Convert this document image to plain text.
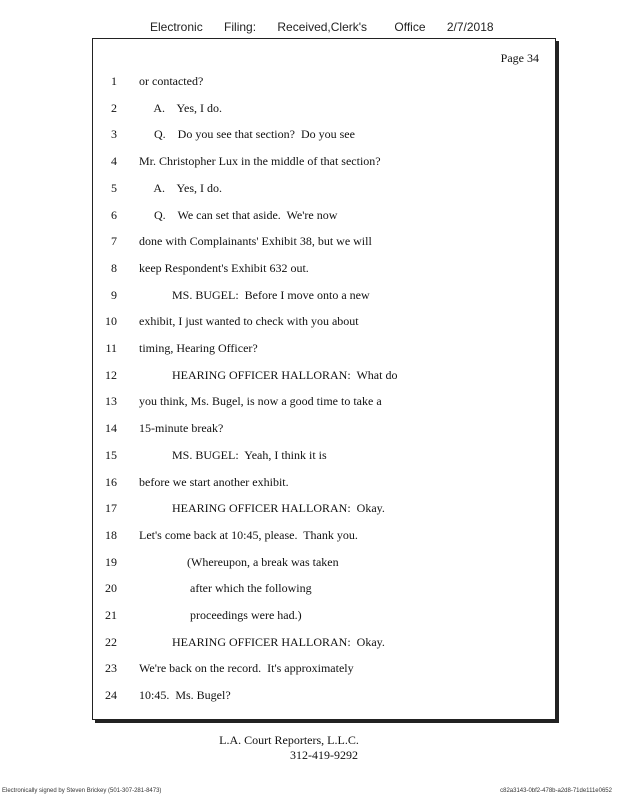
Electronic Filing: Received,Clerk's Office 2/7/2018
Page 34
1 or contacted?
2 A.    Yes, I do.
3 Q.    Do you see that section?  Do you see
4 Mr. Christopher Lux in the middle of that section?
5 A.    Yes, I do.
6 Q.    We can set that aside.  We're now
7 done with Complainants' Exhibit 38, but we will
8 keep Respondent's Exhibit 632 out.
9 MS. BUGEL:  Before I move onto a new
10 exhibit, I just wanted to check with you about
11 timing, Hearing Officer?
12 HEARING OFFICER HALLORAN:  What do
13 you think, Ms. Bugel, is now a good time to take a
14 15-minute break?
15 MS. BUGEL:  Yeah, I think it is
16 before we start another exhibit.
17 HEARING OFFICER HALLORAN:  Okay.
18 Let's come back at 10:45, please.  Thank you.
19 (Whereupon, a break was taken
20 after which the following
21 proceedings were had.)
22 HEARING OFFICER HALLORAN:  Okay.
23 We're back on the record.  It's approximately
24 10:45.  Ms. Bugel?
L.A. Court Reporters, L.L.C.
312-419-9292
Electronically signed by Steven Brickey (501-307-281-8473)	c82a3143-0bf2-478b-a2d8-71de111e0652
